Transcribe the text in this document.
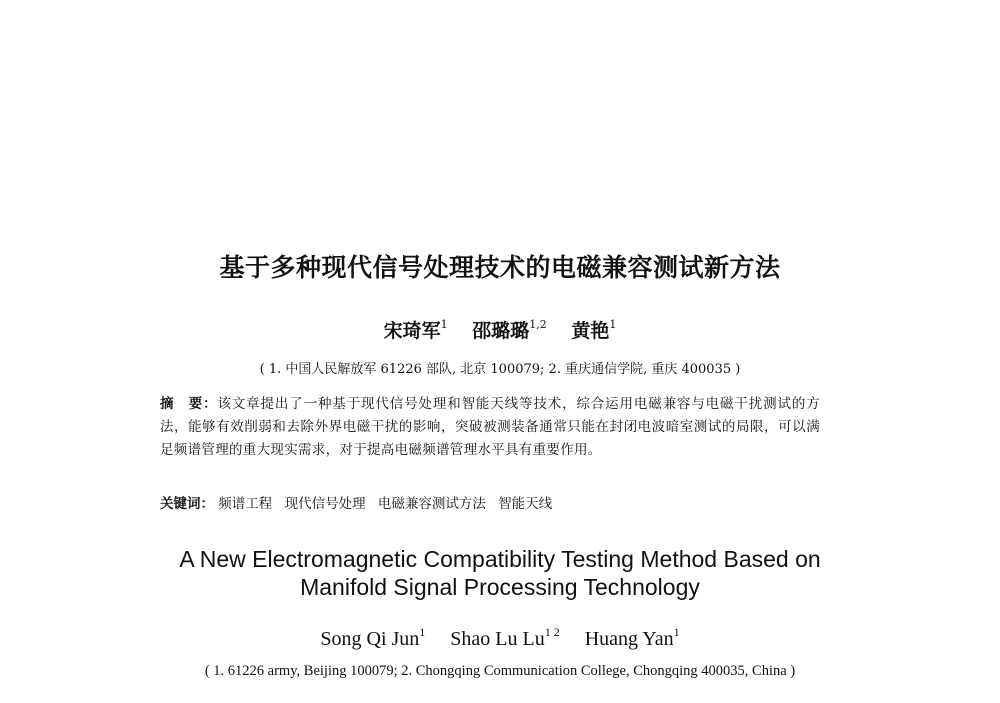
基于多种现代信号处理技术的电磁兼容测试新方法
宋琦军$^1$ 邵璐璐$^{1,2}$ 黄艳$^1$
( 1. 中国人民解放军 61226 部队, 北京 100079; 2. 重庆通信学院, 重庆 400035 )
摘　要：该文章提出了一种基于现代信号处理和智能天线等技术，综合运用电磁兼容与电磁干扰测试的方法，能够有效削弱和去除外界电磁干扰的影响，突破被测装备通常只能在封闭电波暗室测试的局限，可以满足频谱管理的重大现实需求，对于提高电磁频谱管理水平具有重要作用。
关键词： 频谱工程 现代信号处理 电磁兼容测试方法 智能天线
A New Electromagnetic Compatibility Testing Method Based on
Manifold Signal Processing Technology
Song Qi Jun$^1$ Shao Lu $Lu^{1 2}$ Huang Yan$^1$
( 1. 61226 army, Beijing 100079; 2. Chongqing Communication College, Chongqing 400035, China )
